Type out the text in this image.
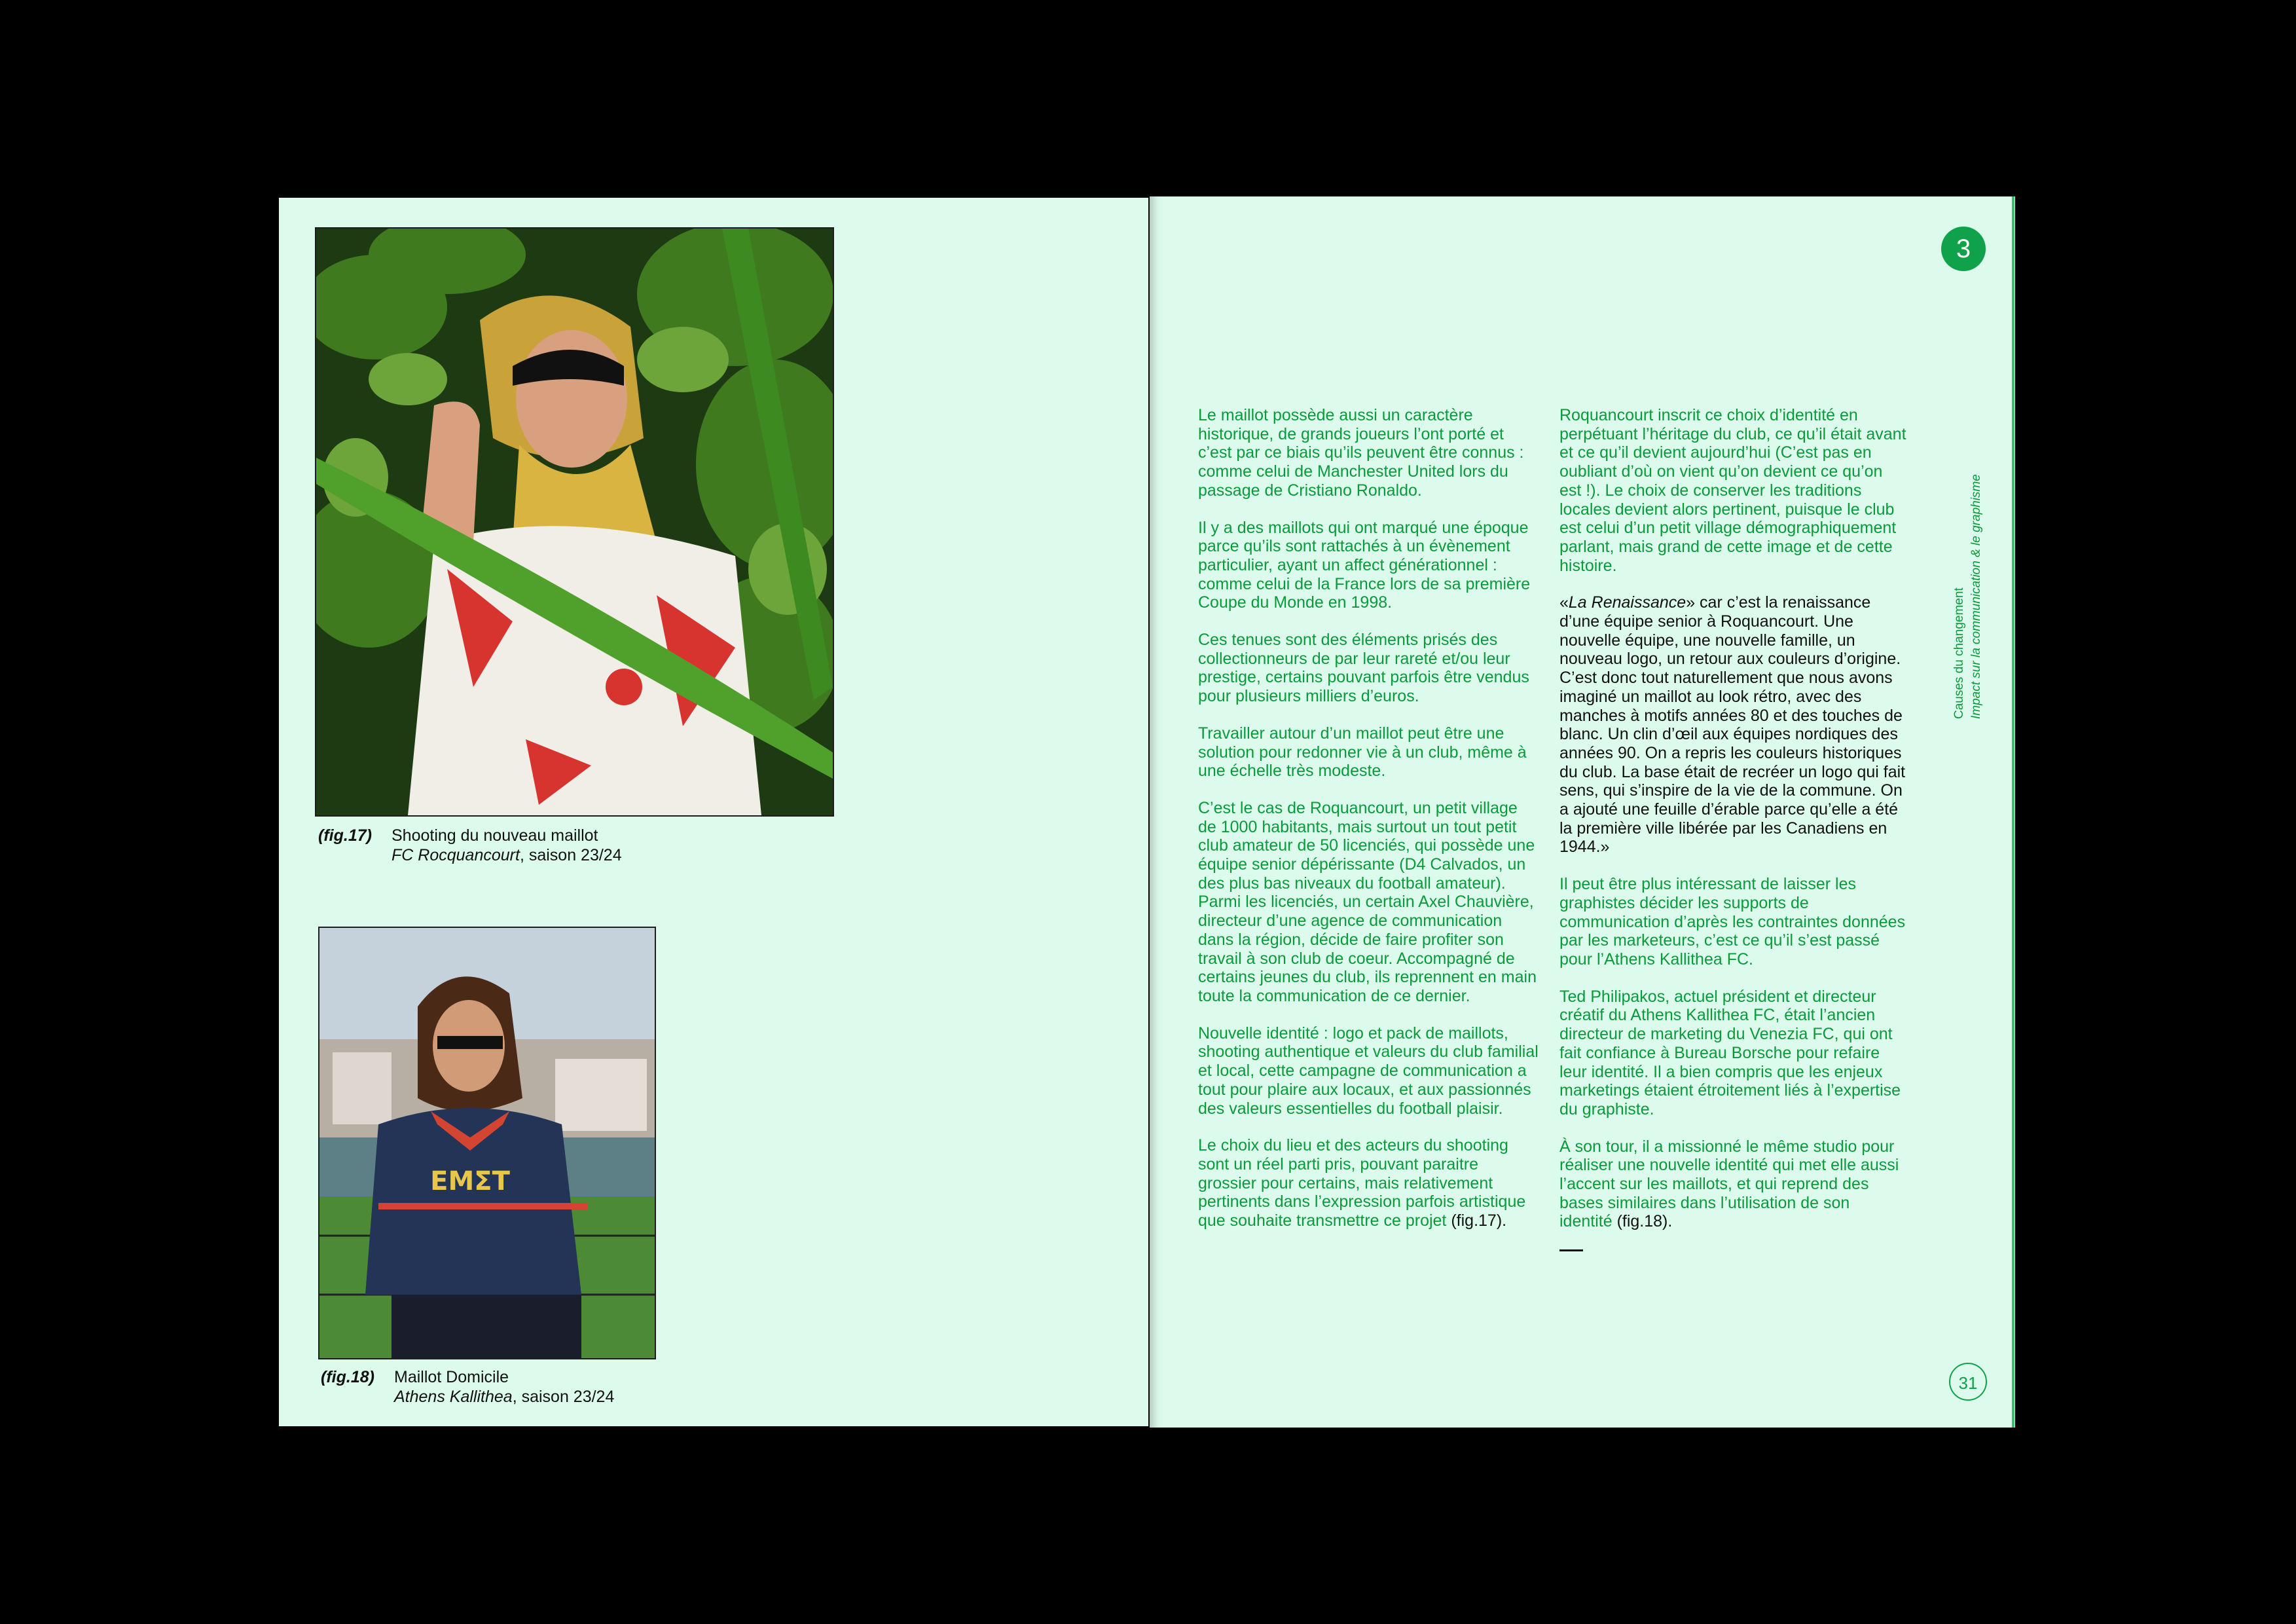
(fig.17) Shooting du nouveau maillot
FC Rocquancourt, saison 23/24
ΕΜΣΤ
(fig.18) Maillot Domicile
Athens Kallithea, saison 23/24
3
Causes du changement Impact sur la communication & le graphisme

Le maillot possède aussi un caractère historique, de grands joueurs l’ont porté et c’est par ce biais qu’ils peuvent être connus : comme celui de Manchester United lors du passage de Cristiano Ronaldo.

Il y a des maillots qui ont marqué une époque parce qu’ils sont rattachés à un évènement particulier, ayant un affect générationnel : comme celui de la France lors de sa première Coupe du Monde en 1998.

Ces tenues sont des éléments prisés des collectionneurs de par leur rareté et/ou leur prestige, certains pouvant parfois être vendus pour plusieurs milliers d’euros.

Travailler autour d’un maillot peut être une solution pour redonner vie à un club, même à une échelle très modeste.

C’est le cas de Roquancourt, un petit village de 1000 habitants, mais surtout un tout petit club amateur de 50 licenciés, qui possède une équipe senior dépérissante (D4 Calvados, un des plus bas niveaux du football amateur). Parmi les licenciés, un certain Axel Chauvière, directeur d’une agence de communication dans la région, décide de faire profiter son travail à son club de coeur. Accompagné de certains jeunes du club, ils reprennent en main toute la communication de ce dernier.

Nouvelle identité : logo et pack de maillots, shooting authentique et valeurs du club familial et local, cette campagne de communication a tout pour plaire aux locaux, et aux passionnés des valeurs essentielles du football plaisir.

Le choix du lieu et des acteurs du shooting sont un réel parti pris, pouvant paraitre grossier pour certains, mais relativement pertinents dans l’expression parfois artistique que souhaite transmettre ce projet (fig.17).

Roquancourt inscrit ce choix d’identité en perpétuant l’héritage du club, ce qu’il était avant et ce qu’il devient aujourd’hui (C’est pas en oubliant d’où on vient qu’on devient ce qu’on est !). Le choix de conserver les traditions locales devient alors pertinent, puisque le club est celui d’un petit village démographiquement parlant, mais grand de cette image et de cette histoire.

«La Renaissance» car c’est la renaissance d’une équipe senior à Roquancourt. Une nouvelle équipe, une nouvelle famille, un nouveau logo, un retour aux couleurs d’origine. C’est donc tout naturellement que nous avons imaginé un maillot au look rétro, avec des manches à motifs années 80 et des touches de blanc. Un clin d’œil aux équipes nordiques des années 90. On a repris les couleurs historiques du club. La base était de recréer un logo qui fait sens, qui s’inspire de la vie de la commune. On a ajouté une feuille d’érable parce qu’elle a été la première ville libérée par les Canadiens en 1944.»

Il peut être plus intéressant de laisser les graphistes décider les supports de communication d’après les contraintes données par les marketeurs, c’est ce qu’il s’est passé pour l’Athens Kallithea FC.

Ted Philipakos, actuel président et directeur créatif du Athens Kallithea FC, était l’ancien directeur de marketing du Venezia FC, qui ont fait confiance à Bureau Borsche pour refaire leur identité. Il a bien compris que les enjeux marketings étaient étroitement liés à l’expertise du graphiste.

À son tour, il a missionné le même studio pour réaliser une nouvelle identité qui met elle aussi l’accent sur les maillots, et qui reprend des bases similaires dans l’utilisation de son identité (fig.18).

31
